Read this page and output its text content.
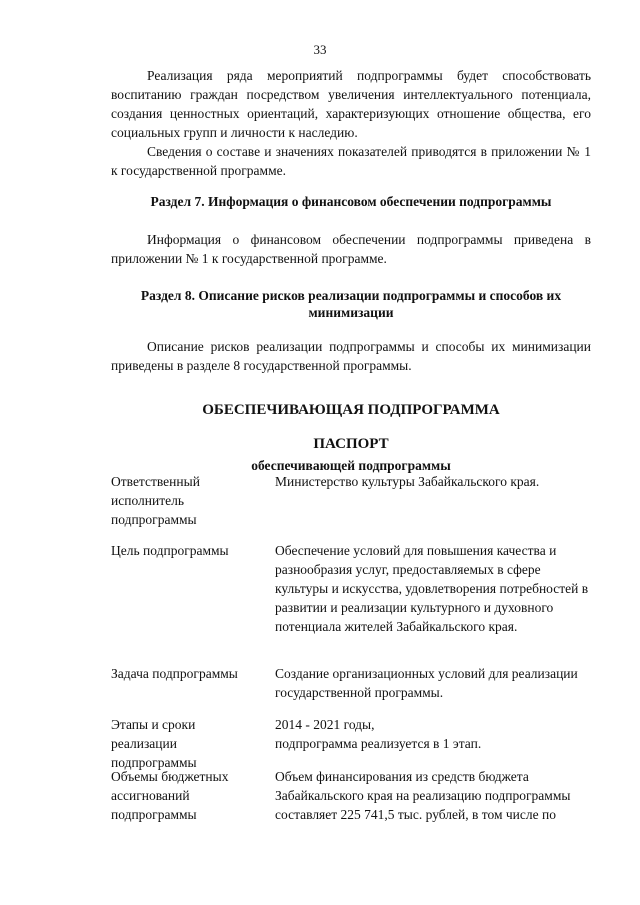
33

Реализация ряда мероприятий подпрограммы будет способствовать воспитанию граждан посредством увеличения интеллектуального потенциала, создания ценностных ориентаций, характеризующих отношение общества, его социальных групп и личности к наследию.

Сведения о составе и значениях показателей приводятся в приложении № 1 к государственной программе.

Раздел 7. Информация о финансовом обеспечении подпрограммы

Информация о финансовом обеспечении подпрограммы приведена в приложении № 1 к государственной программе.

Раздел 8. Описание рисков реализации подпрограммы и способов их минимизации

Описание рисков реализации подпрограммы и способы их минимизации приведены в разделе 8 государственной программы.

ОБЕСПЕЧИВАЮЩАЯ ПОДПРОГРАММА
ПАСПОРТ
обеспечивающей подпрограммы
Ответственный исполнитель подпрограммы
Министерство культуры Забайкальского края.
Цель подпрограммы	Обеспечение условий для повышения качества и разнообразия услуг, предоставляемых в сфере культуры и искусства, удовлетворения потребностей в развитии и реализации культурного и духовного потенциала жителей Забайкальского края.
Задача подпрограммы	Создание организационных условий для реализации государственной программы.
Этапы и сроки реализации подпрограммы
2014 - 2021 годы,
подпрограмма реализуется в 1 этап.
Объемы бюджетных ассигнований подпрограммы
Объем финансирования из средств бюджета Забайкальского края на реализацию подпрограммы составляет 225 741,5 тыс. рублей, в том числе по
